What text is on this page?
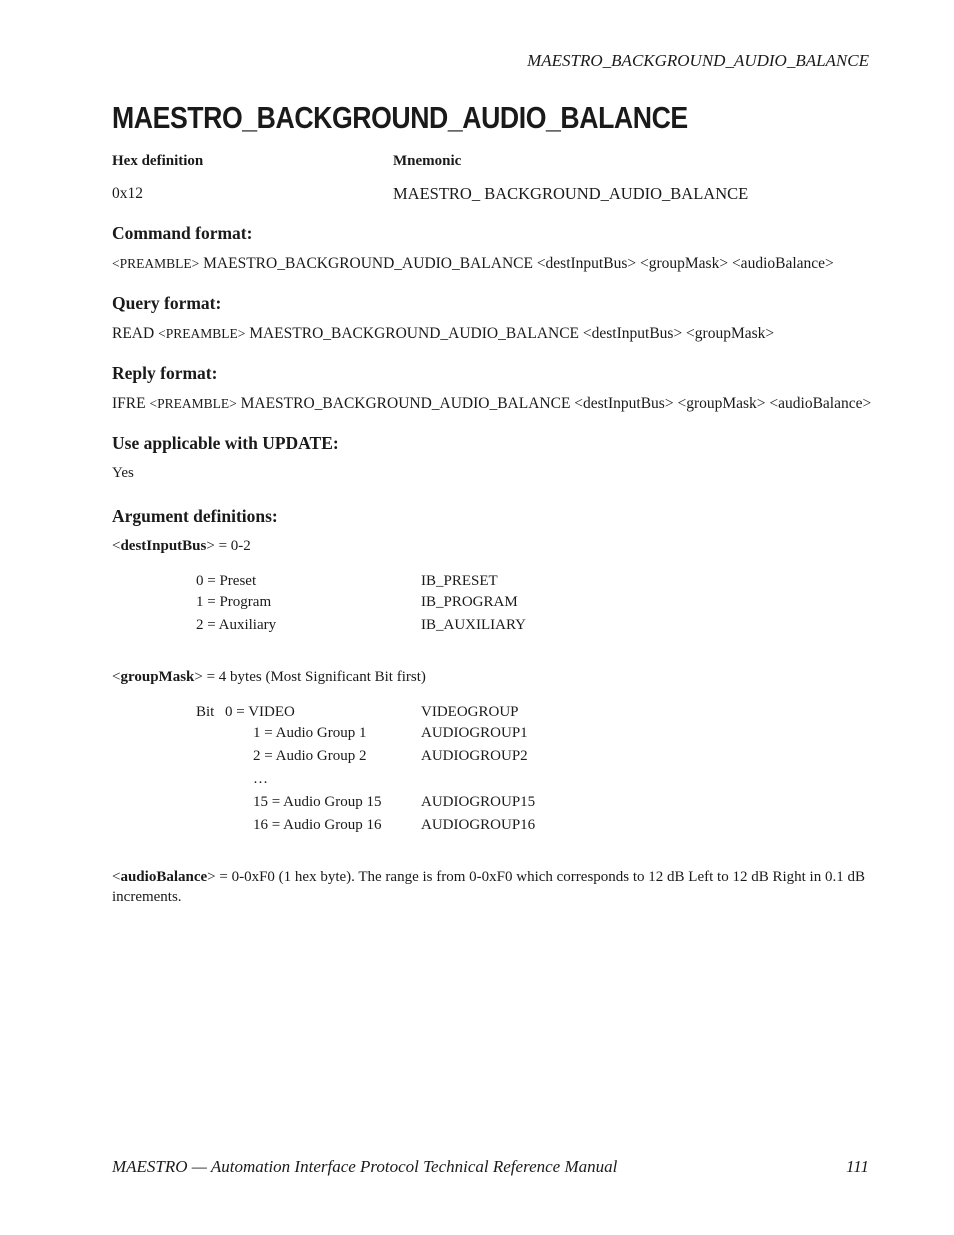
MAESTRO_BACKGROUND_AUDIO_BALANCE
MAESTRO_BACKGROUND_AUDIO_BALANCE
Hex definition	Mnemonic
0x12	MAESTRO_ BACKGROUND_AUDIO_BALANCE
Command format:
<PREAMBLE> MAESTRO_BACKGROUND_AUDIO_BALANCE <destInputBus> <groupMask> <audioBalance>
Query format:
READ <PREAMBLE> MAESTRO_BACKGROUND_AUDIO_BALANCE <destInputBus> <groupMask>
Reply format:
IFRE <PREAMBLE> MAESTRO_BACKGROUND_AUDIO_BALANCE <destInputBus> <groupMask> <audioBalance>
Use applicable with UPDATE:
Yes
Argument definitions:
<destInputBus> = 0-2
0 = Preset	IB_PRESET
1 = Program	IB_PROGRAM
2 = Auxiliary	IB_AUXILIARY
<groupMask> = 4 bytes (Most Significant Bit first)
Bit 0 = VIDEO	VIDEOGROUP
1 = Audio Group 1	AUDIOGROUP1
2 = Audio Group 2	AUDIOGROUP2
…
15 = Audio Group 15	AUDIOGROUP15
16 = Audio Group 16	AUDIOGROUP16
<audioBalance> = 0-0xF0 (1 hex byte). The range is from 0-0xF0 which corresponds to 12 dB Left to 12 dB Right in 0.1 dB increments.
MAESTRO — Automation Interface Protocol Technical Reference Manual	111
